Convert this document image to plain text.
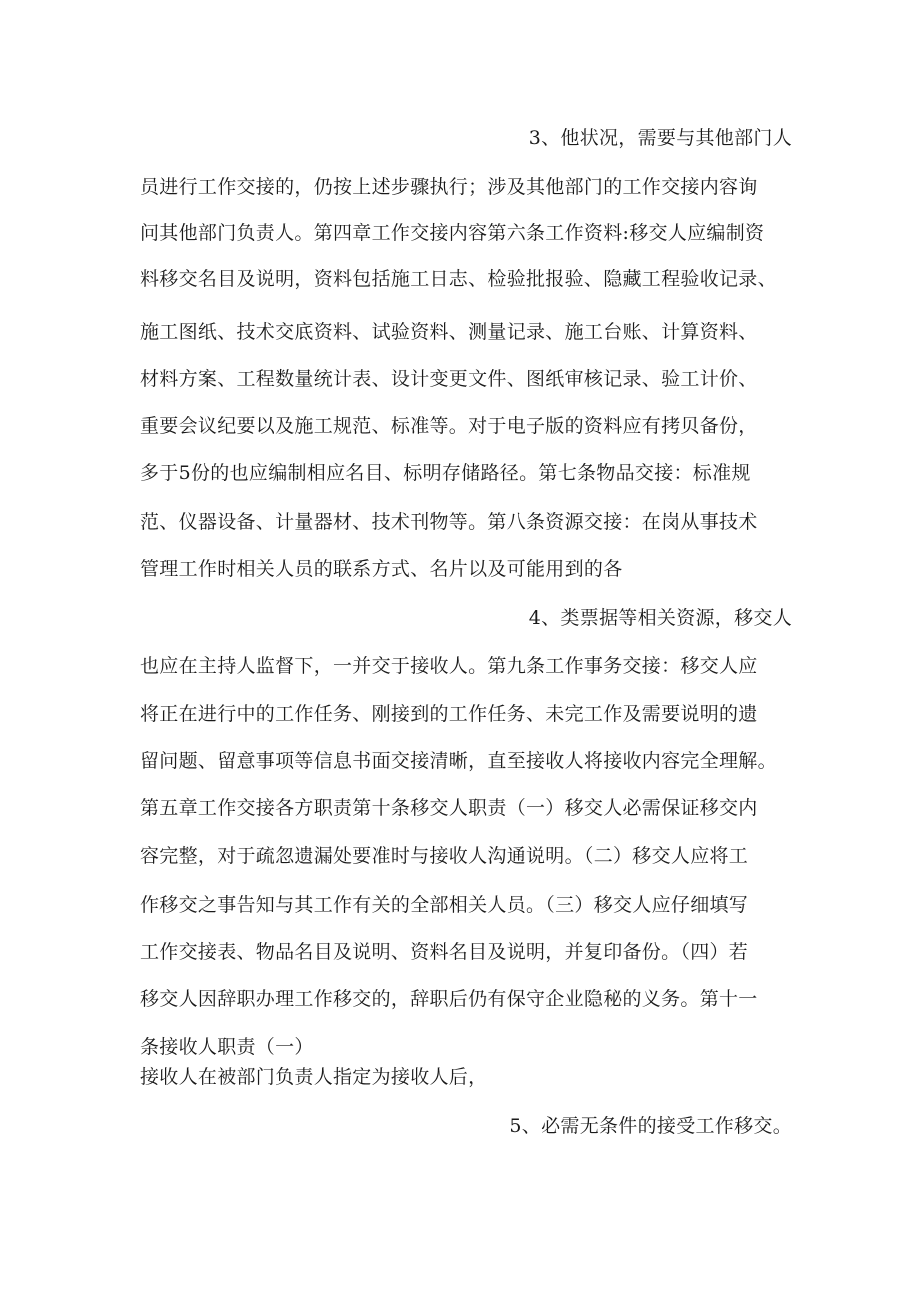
3、他状况，需要与其他部门人
员进行工作交接的，仍按上述步骤执行；涉及其他部门的工作交接内容询
问其他部门负责人。第四章工作交接内容第六条工作资料:移交人应编制资
料移交名目及说明，资料包括施工日志、检验批报验、隐藏工程验收记录、
施工图纸、技术交底资料、试验资料、测量记录、施工台账、计算资料、
材料方案、工程数量统计表、设计变更文件、图纸审核记录、验工计价、
重要会议纪要以及施工规范、标准等。对于电子版的资料应有拷贝备份，
多于5份的也应编制相应名目、标明存储路径。第七条物品交接：标准规
范、仪器设备、计量器材、技术刊物等。第八条资源交接：在岗从事技术
管理工作时相关人员的联系方式、名片以及可能用到的各
4、类票据等相关资源，移交人
也应在主持人监督下，一并交于接收人。第九条工作事务交接：移交人应
将正在进行中的工作任务、刚接到的工作任务、未完工作及需要说明的遗
留问题、留意事项等信息书面交接清晰，直至接收人将接收内容完全理解。
第五章工作交接各方职责第十条移交人职责（一）移交人必需保证移交内
容完整，对于疏忽遗漏处要准时与接收人沟通说明。（二）移交人应将工
作移交之事告知与其工作有关的全部相关人员。（三）移交人应仔细填写
工作交接表、物品名目及说明、资料名目及说明，并复印备份。（四）若
移交人因辞职办理工作移交的，辞职后仍有保守企业隐秘的义务。第十一
条接收人职责（一）
接收人在被部门负责人指定为接收人后，
5、必需无条件的接受工作移交。
